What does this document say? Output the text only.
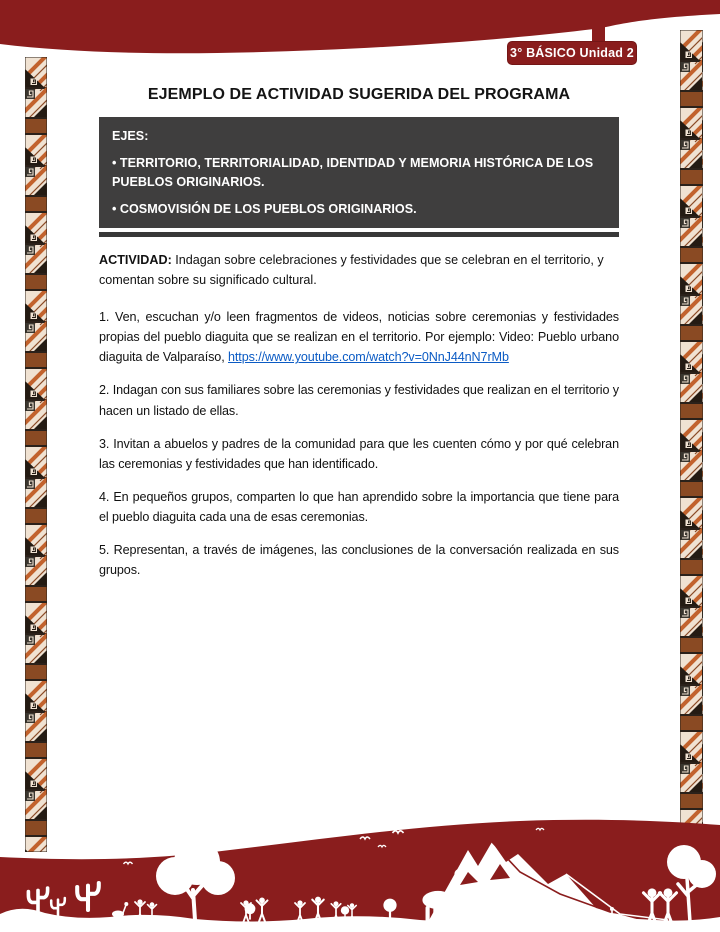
3° BÁSICO Unidad 2
EJEMPLO DE ACTIVIDAD SUGERIDA DEL PROGRAMA

EJES:

• TERRITORIO, TERRITORIALIDAD, IDENTIDAD Y MEMORIA HISTÓRICA DE LOS PUEBLOS ORIGINARIOS.

• COSMOVISIÓN DE LOS PUEBLOS ORIGINARIOS.

ACTIVIDAD: Indagan sobre celebraciones y festividades que se celebran en el territorio, y comentan sobre su significado cultural.

1. Ven, escuchan y/o leen fragmentos de videos, noticias sobre ceremonias y festividades propias del pueblo diaguita que se realizan en el territorio. Por ejemplo: Video: Pueblo urbano diaguita de Valparaíso, https://www.youtube.com/watch?v=0NnJ44nN7rMb

2. Indagan con sus familiares sobre las ceremonias y festividades que realizan en el territorio y hacen un listado de ellas.

3. Invitan a abuelos y padres de la comunidad para que les cuenten cómo y por qué celebran las ceremonias y festividades que han identificado.

4. En pequeños grupos, comparten lo que han aprendido sobre la importancia que tiene para el pueblo diaguita cada una de esas ceremonias.

5. Representan, a través de imágenes, las conclusiones de la conversación realizada en sus grupos.
